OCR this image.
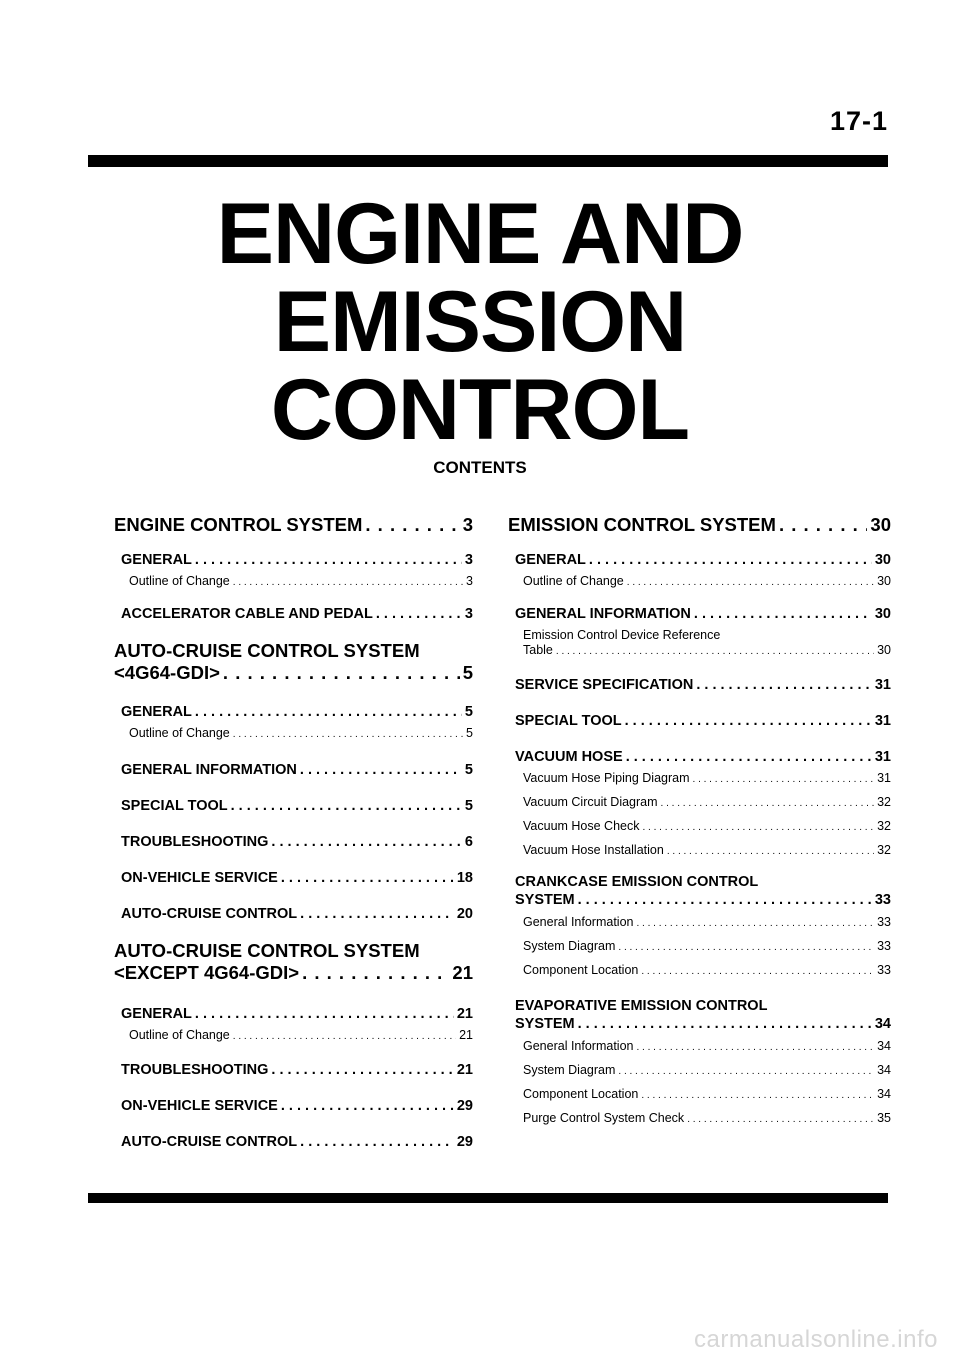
17-1
ENGINE AND
EMISSION
CONTROL
CONTENTS
ENGINE CONTROL SYSTEM . . .	3
GENERAL . . .	3
Outline of Change . . .	3
ACCELERATOR CABLE AND PEDAL . . .	3
AUTO-CRUISE CONTROL SYSTEM
<4G64-GDI> . . .	5
GENERAL . . .	5
Outline of Change . . .	5
GENERAL INFORMATION . . .	5
SPECIAL TOOL . . .	5
TROUBLESHOOTING . . .	6
ON-VEHICLE SERVICE . . .	18
AUTO-CRUISE CONTROL . . .	20
AUTO-CRUISE CONTROL SYSTEM
<EXCEPT 4G64-GDI> . . .	21
GENERAL . . .	21
Outline of Change . . .	21
TROUBLESHOOTING . . .	21
ON-VEHICLE SERVICE . . .	29
AUTO-CRUISE CONTROL . . .	29
EMISSION CONTROL SYSTEM . . .	30
GENERAL . . .	30
Outline of Change . . .	30
GENERAL INFORMATION . . .	30
Emission Control Device Reference
Table . . .	30
SERVICE SPECIFICATION . . .	31
SPECIAL TOOL . . .	31
VACUUM HOSE . . .	31
Vacuum Hose Piping Diagram . . .	31
Vacuum Circuit Diagram . . .	32
Vacuum Hose Check . . .	32
Vacuum Hose Installation . . .	32
CRANKCASE EMISSION CONTROL
SYSTEM . . .	33
General Information . . .	33
System Diagram . . .	33
Component Location . . .	33
EVAPORATIVE EMISSION CONTROL
SYSTEM . . .	34
General Information . . .	34
System Diagram . . .	34
Component Location . . .	34
Purge Control System Check . . .	35
carmanualsonline.info
